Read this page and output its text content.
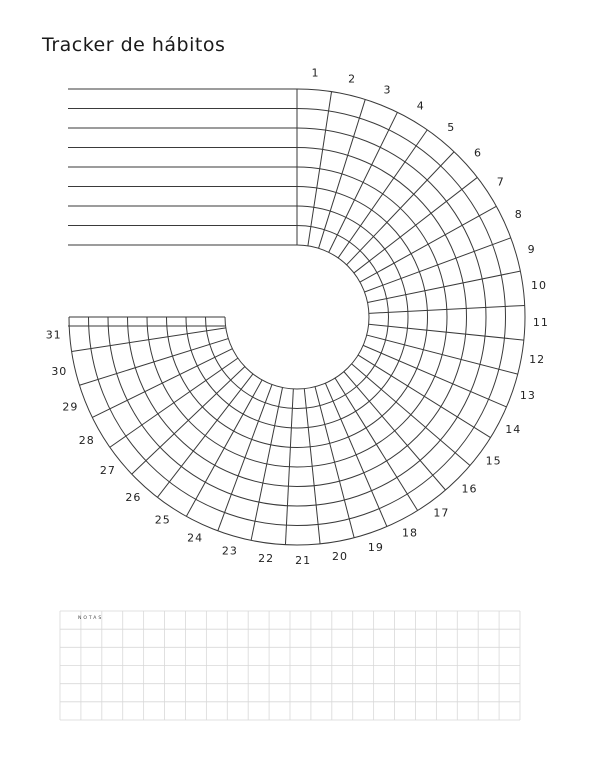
Tracker de hábitos
1	2
3
4
5
6
7
8
9
10
11
12
13
14
15
16
17
18
19
20
21
22
23
24
25
26
27
28
29
30
31
NOTAS
